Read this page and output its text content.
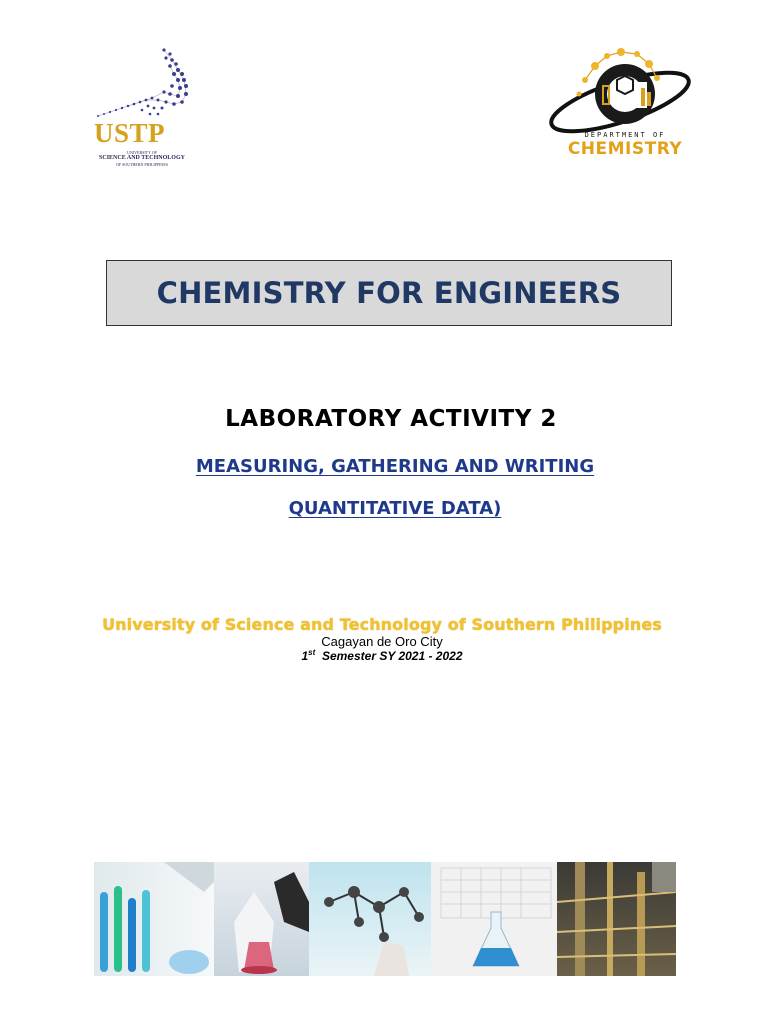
USTP
UNIVERSITY OF
SCIENCE AND TECHNOLOGY
OF SOUTHERN PHILIPPINES
DEPARTMENT OF
CHEMISTRY
CHEMISTRY FOR ENGINEERS
LABORATORY ACTIVITY 2
MEASURING, GATHERING AND WRITING
QUANTITATIVE DATA)
University of Science and Technology of Southern Philippines
Cagayan de Oro City
1st Semester SY 2021 - 2022
